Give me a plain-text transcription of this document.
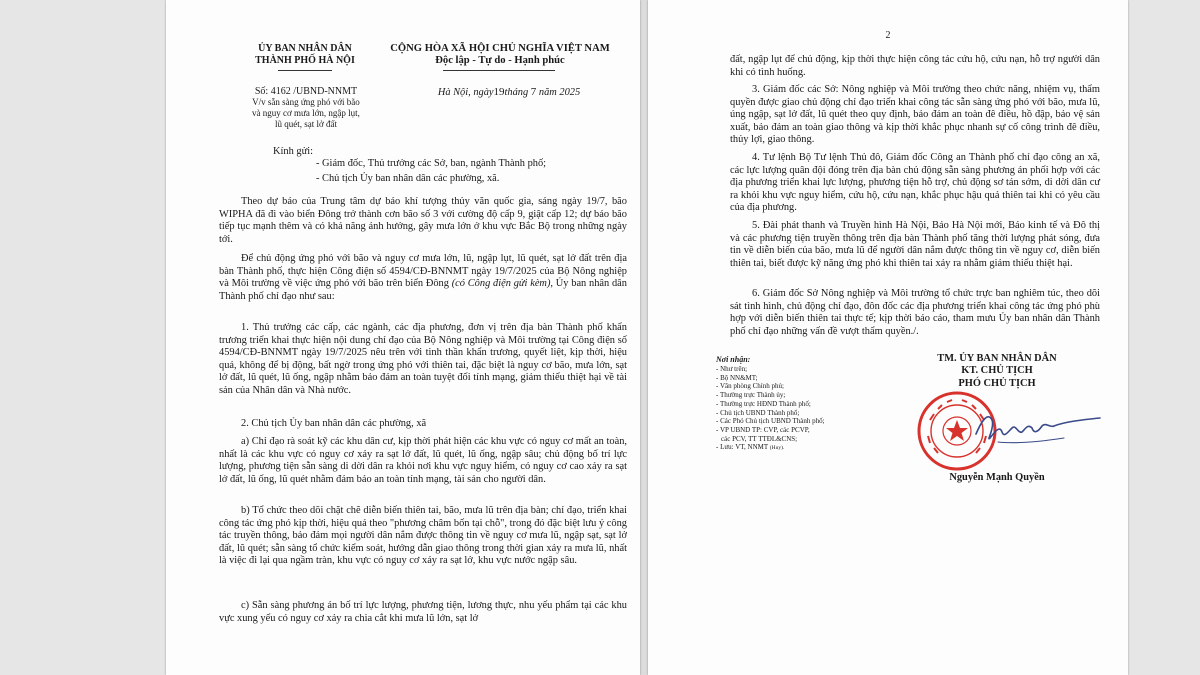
ỦY BAN NHÂN DÂN
THÀNH PHỐ HÀ NỘI
CỘNG HÒA XÃ HỘI CHỦ NGHĨA VIỆT NAM
Độc lập - Tự do - Hạnh phúc
Số: 4162 /UBND-NNMT
V/v sẵn sàng ứng phó với bão
và nguy cơ mưa lớn, ngập lụt,
lũ quét, sạt lở đất
Hà Nội, ngày19tháng 7 năm 2025
Kính gửi:
- Giám đốc, Thủ trưởng các Sở, ban, ngành Thành phố;
- Chủ tịch Ủy ban nhân dân các phường, xã.

Theo dự báo của Trung tâm dự báo khí tượng thủy văn quốc gia, sáng ngày 19/7, bão WIPHA đã đi vào biển Đông trở thành cơn bão số 3 với cường độ cấp 9, giật cấp 12; dự báo bão tiếp tục mạnh thêm và có khả năng ảnh hưởng, gây mưa lớn ở khu vực Bắc Bộ trong những ngày tới.

Để chủ động ứng phó với bão và nguy cơ mưa lớn, lũ, ngập lụt, lũ quét, sạt lở đất trên địa bàn Thành phố, thực hiện Công điện số 4594/CĐ-BNNMT ngày 19/7/2025 của Bộ Nông nghiệp và Môi trường về việc ứng phó với bão trên biển Đông (có Công điện gửi kèm), Ủy ban nhân dân Thành phố chỉ đạo như sau:

1. Thủ trưởng các cấp, các ngành, các địa phương, đơn vị trên địa bàn Thành phố khẩn trương triển khai thực hiện nội dung chỉ đạo của Bộ Nông nghiệp và Môi trường tại Công điện số 4594/CĐ-BNNMT ngày 19/7/2025 nêu trên với tinh thần khẩn trương, quyết liệt, kịp thời, hiệu quả, không để bị động, bất ngờ trong ứng phó với thiên tai, đặc biệt là nguy cơ bão, mưa lớn, sạt lở đất, lũ quét, lũ ống, ngập nhằm bảo đảm an toàn tuyệt đối tính mạng, giảm thiểu thiệt hại về tài sản của Nhân dân và Nhà nước.

2. Chủ tịch Ủy ban nhân dân các phường, xã

a) Chỉ đạo rà soát kỹ các khu dân cư, kịp thời phát hiện các khu vực có nguy cơ mất an toàn, nhất là các khu vực có nguy cơ xảy ra sạt lở đất, lũ quét, lũ ống, ngập sâu; chủ động bố trí lực lượng, phương tiện sẵn sàng di dời dân ra khỏi nơi khu vực nguy hiểm, có nguy cơ cao xảy ra sạt lở đất, lũ ống, lũ quét nhằm đảm bảo an toàn tính mạng, tài sản cho người dân.

b) Tổ chức theo dõi chặt chẽ diễn biến thiên tai, bão, mưa lũ trên địa bàn; chỉ đạo, triển khai công tác ứng phó kịp thời, hiệu quả theo "phương châm bốn tại chỗ", trong đó đặc biệt lưu ý công tác truyền thông, bảo đảm mọi người dân nắm được thông tin về nguy cơ mưa lũ, ngập sạt, sạt lở đất, lũ quét; sẵn sàng tổ chức kiểm soát, hướng dẫn giao thông trong thời gian xảy ra mưa lũ, nhất là việc đi lại qua ngầm tràn, khu vực có nguy cơ xảy ra sạt lở, khu vực nước ngập sâu.

c) Sẵn sàng phương án bố trí lực lượng, phương tiện, lương thực, nhu yếu phẩm tại các khu vực xung yếu có nguy cơ xảy ra chia cắt khi mưa lũ lớn, sạt lở

2

đất, ngập lụt để chủ động, kịp thời thực hiện công tác cứu hộ, cứu nạn, hỗ trợ người dân khi có tình huống.

3. Giám đốc các Sở: Nông nghiệp và Môi trường theo chức năng, nhiệm vụ, thẩm quyền được giao chủ động chỉ đạo triển khai công tác sẵn sàng ứng phó với bão, mưa lũ, úng ngập, sạt lở đất, lũ quét theo quy định, bảo đảm an toàn đê điều, hồ đập, bảo vệ sản xuất, bảo đảm an toàn giao thông và kịp thời khắc phục nhanh sự cố công trình đê điều, thủy lợi, giao thông.

4. Tư lệnh Bộ Tư lệnh Thủ đô, Giám đốc Công an Thành phố chỉ đạo công an xã, các lực lượng quân đội đóng trên địa bàn chủ động sẵn sàng phương án phối hợp với các địa phương triển khai lực lượng, phương tiện hỗ trợ, chủ động sơ tán sớm, di dời dân cư ra khỏi khu vực nguy hiểm, cứu hộ, cứu nạn, khắc phục hậu quả thiên tai khi có yêu cầu của địa phương.

5. Đài phát thanh và Truyền hình Hà Nội, Báo Hà Nội mới, Báo kinh tế và Đô thị và các phương tiện truyền thông trên địa bàn Thành phố tăng thời lượng phát sóng, đưa tin về diễn biến của bão, mưa lũ để người dân nắm được thông tin về nguy cơ, diễn biến thiên tai, biết được kỹ năng ứng phó khi thiên tai xảy ra nhằm giảm thiểu thiệt hại.

6. Giám đốc Sở Nông nghiệp và Môi trường tổ chức trực ban nghiêm túc, theo dõi sát tình hình, chủ động chỉ đạo, đôn đốc các địa phương triển khai công tác ứng phó phù hợp với diễn biến thiên tai thực tế; kịp thời báo cáo, tham mưu Ủy ban nhân dân Thành phố chỉ đạo những vấn đề vượt thẩm quyền./.

Nơi nhận:

- Như trên;

- Bộ NN&MT;

- Văn phòng Chính phủ;

- Thường trực Thành ủy;

- Thường trực HĐND Thành phố;

- Chủ tịch UBND Thành phố;

- Các Phó Chủ tịch UBND Thành phố;

- VP UBND TP: CVP, các PCVP,

các PCV, TT TTĐL&CNS;

- Lưu: VT, NNMT (Huy).

TM. ỦY BAN NHÂN DÂN
KT. CHỦ TỊCH
PHÓ CHỦ TỊCH
Nguyễn Mạnh Quyền
